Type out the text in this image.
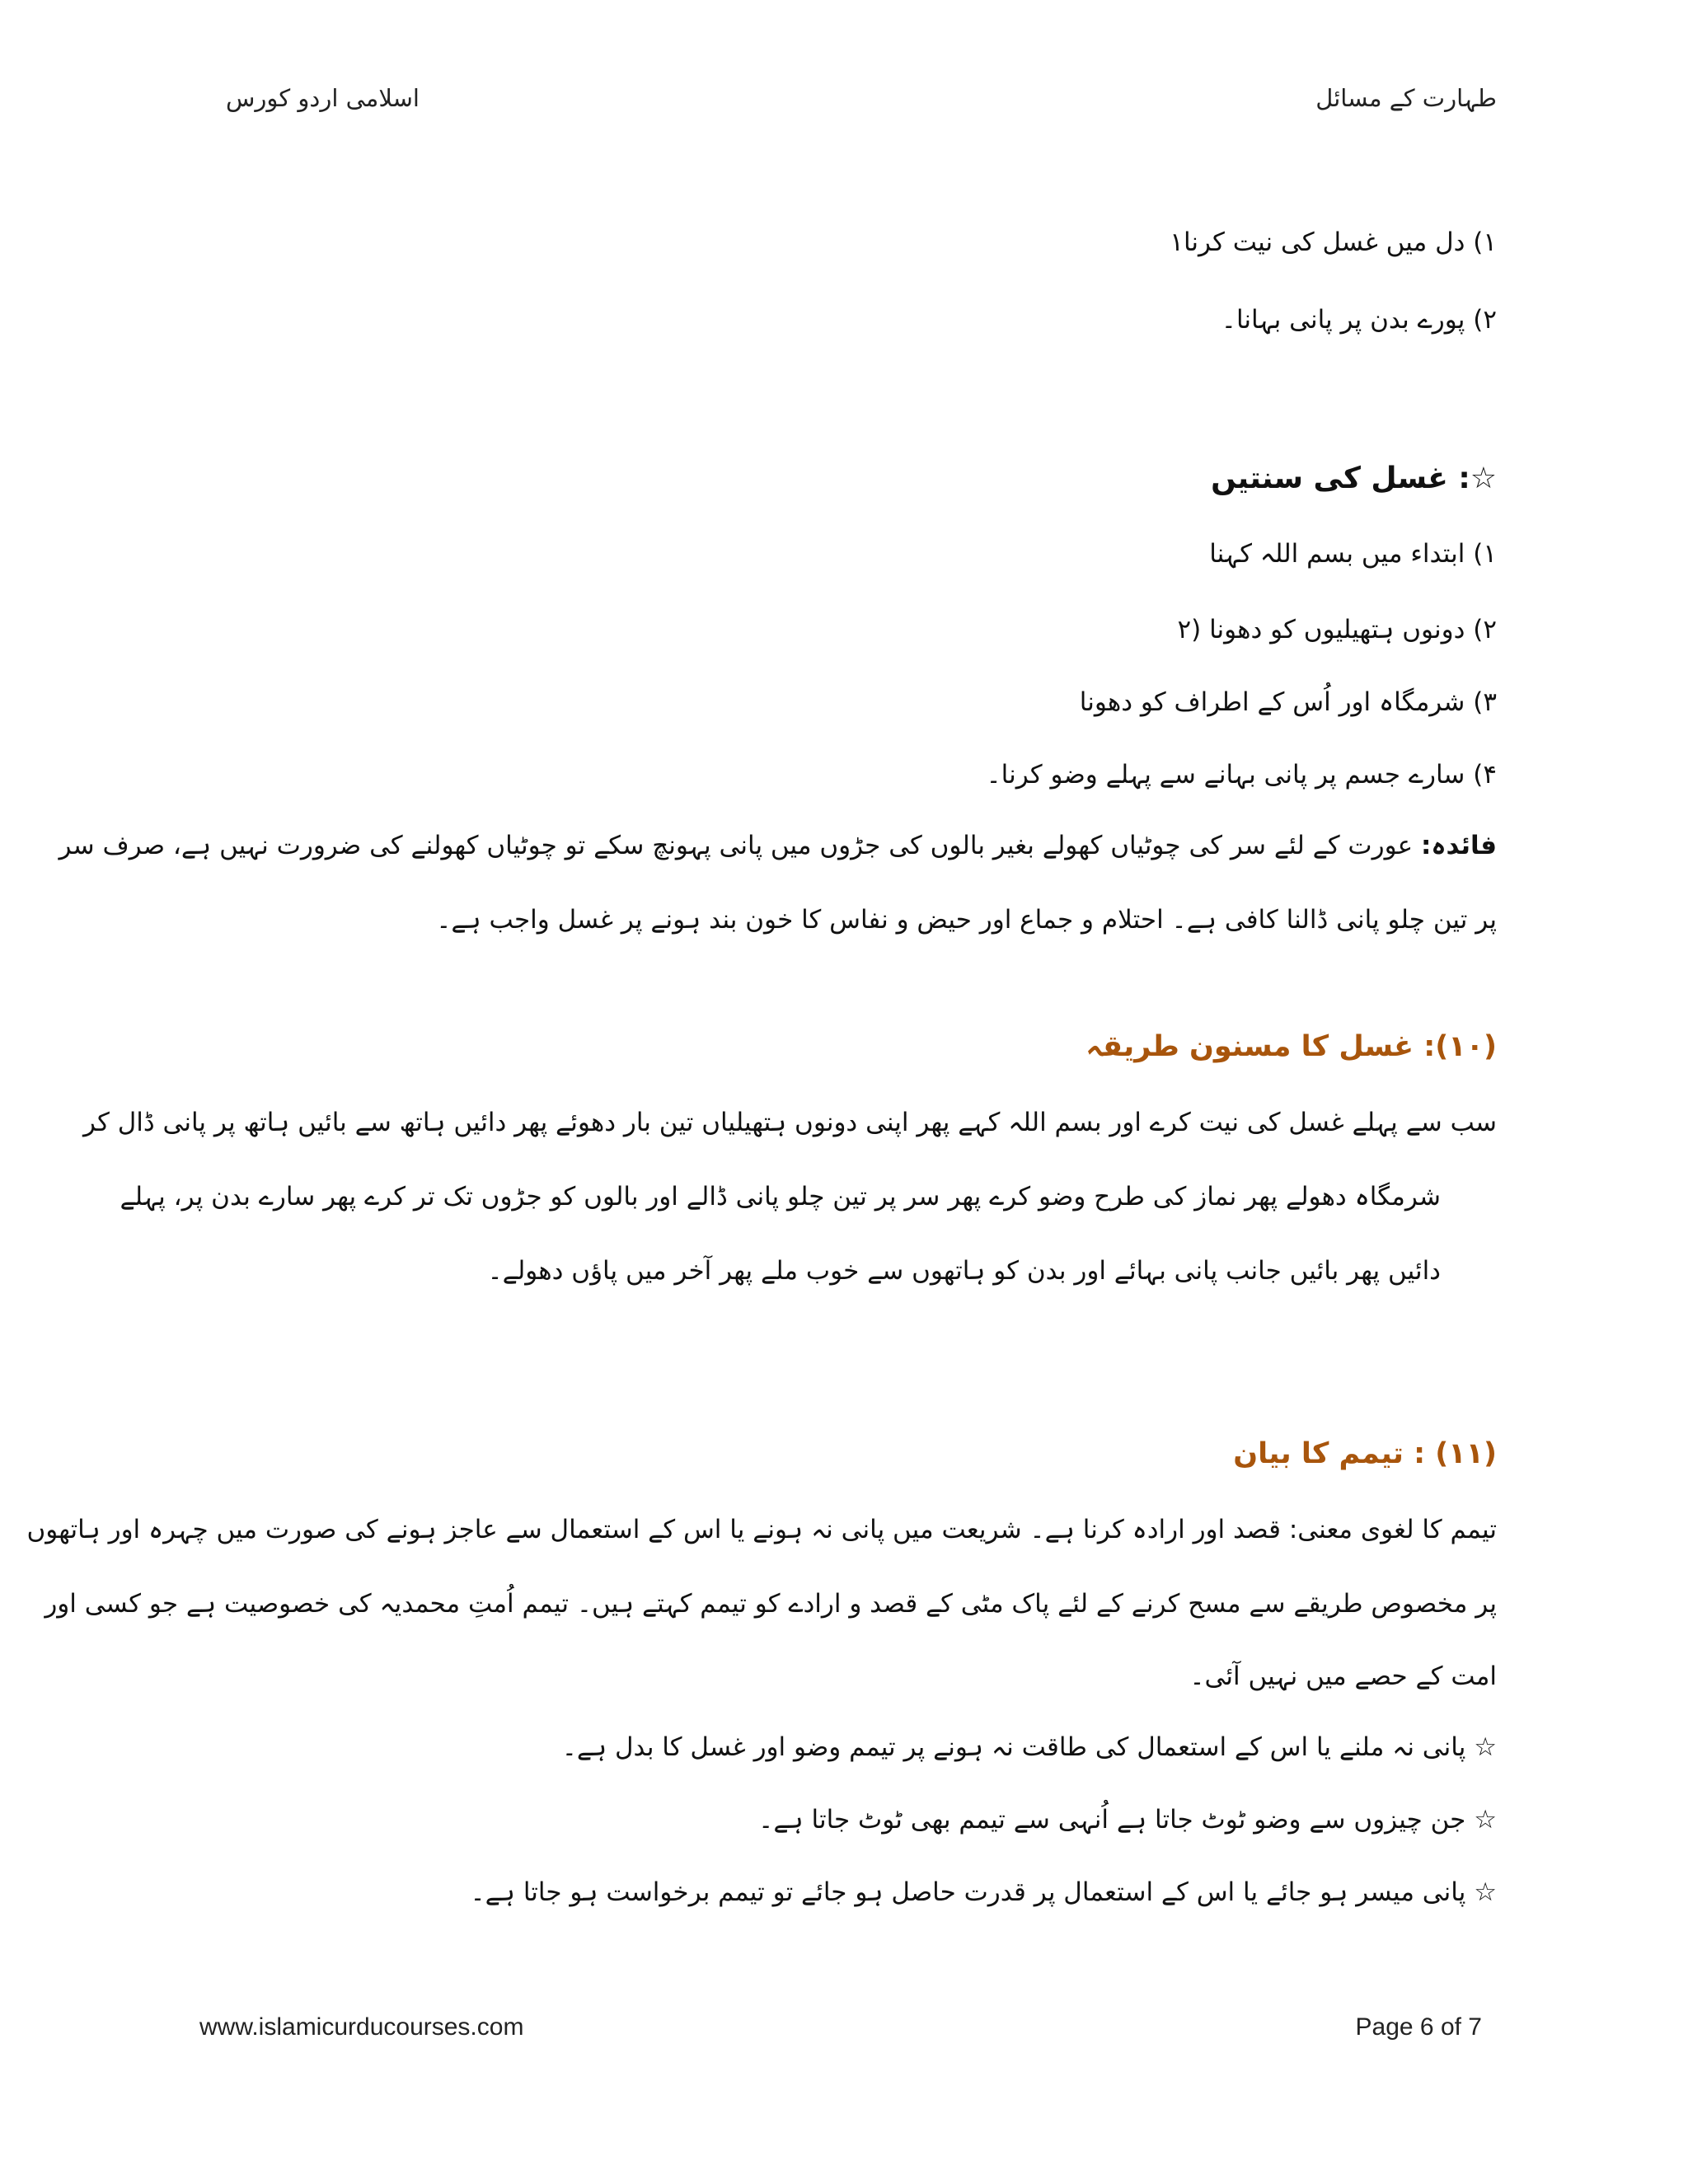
طہارت کے مسائل
اسلامی اردو کورس
۱) دل میں غسل کی نیت کرنا۱
۲) پورے بدن پر پانی بہانا۔
☆: غسل کی سنتیں
۱) ابتداء میں بسم اللہ کہنا
۲) دونوں ہتھیلیوں کو دھونا (۲
۳) شرمگاہ اور اُس کے اطراف کو دھونا
۴) سارے جسم پر پانی بہانے سے پہلے وضو کرنا۔
فائدہ: عورت کے لئے سر کی چوٹیاں کھولے بغیر بالوں کی جڑوں میں پانی پہونچ سکے تو چوٹیاں کھولنے کی ضرورت نہیں ہے، صرف سر
پر تین چلو پانی ڈالنا کافی ہے۔ احتلام و جماع اور حیض و نفاس کا خون بند ہونے پر غسل واجب ہے۔
(۱۰): غسل کا مسنون طریقہ
سب سے پہلے غسل کی نیت کرے اور بسم اللہ کہے پھر اپنی دونوں ہتھیلیاں تین بار دھوئے پھر دائیں ہاتھ سے بائیں ہاتھ پر پانی ڈال کر
شرمگاہ دھولے پھر نماز کی طرح وضو کرے پھر سر پر تین چلو پانی ڈالے اور بالوں کو جڑوں تک تر کرے پھر سارے بدن پر، پہلے
دائیں پھر بائیں جانب پانی بہائے اور بدن کو ہاتھوں سے خوب ملے پھر آخر میں پاؤں دھولے۔
(۱۱) : تیمم کا بیان
تیمم کا لغوی معنی: قصد اور ارادہ کرنا ہے۔ شریعت میں پانی نہ ہونے یا اس کے استعمال سے عاجز ہونے کی صورت میں چہرہ اور ہاتھوں
پر مخصوص طریقے سے مسح کرنے کے لئے پاک مٹی کے قصد و ارادے کو تیمم کہتے ہیں۔ تیمم اُمتِ محمدیہ کی خصوصیت ہے جو کسی اور
امت کے حصے میں نہیں آئی۔
☆ پانی نہ ملنے یا اس کے استعمال کی طاقت نہ ہونے پر تیمم وضو اور غسل کا بدل ہے۔
☆ جن چیزوں سے وضو ٹوٹ جاتا ہے اُنہی سے تیمم بھی ٹوٹ جاتا ہے۔
☆ پانی میسر ہو جائے یا اس کے استعمال پر قدرت حاصل ہو جائے تو تیمم برخواست ہو جاتا ہے۔
www.islamicurducourses.com	Page 6 of 7
